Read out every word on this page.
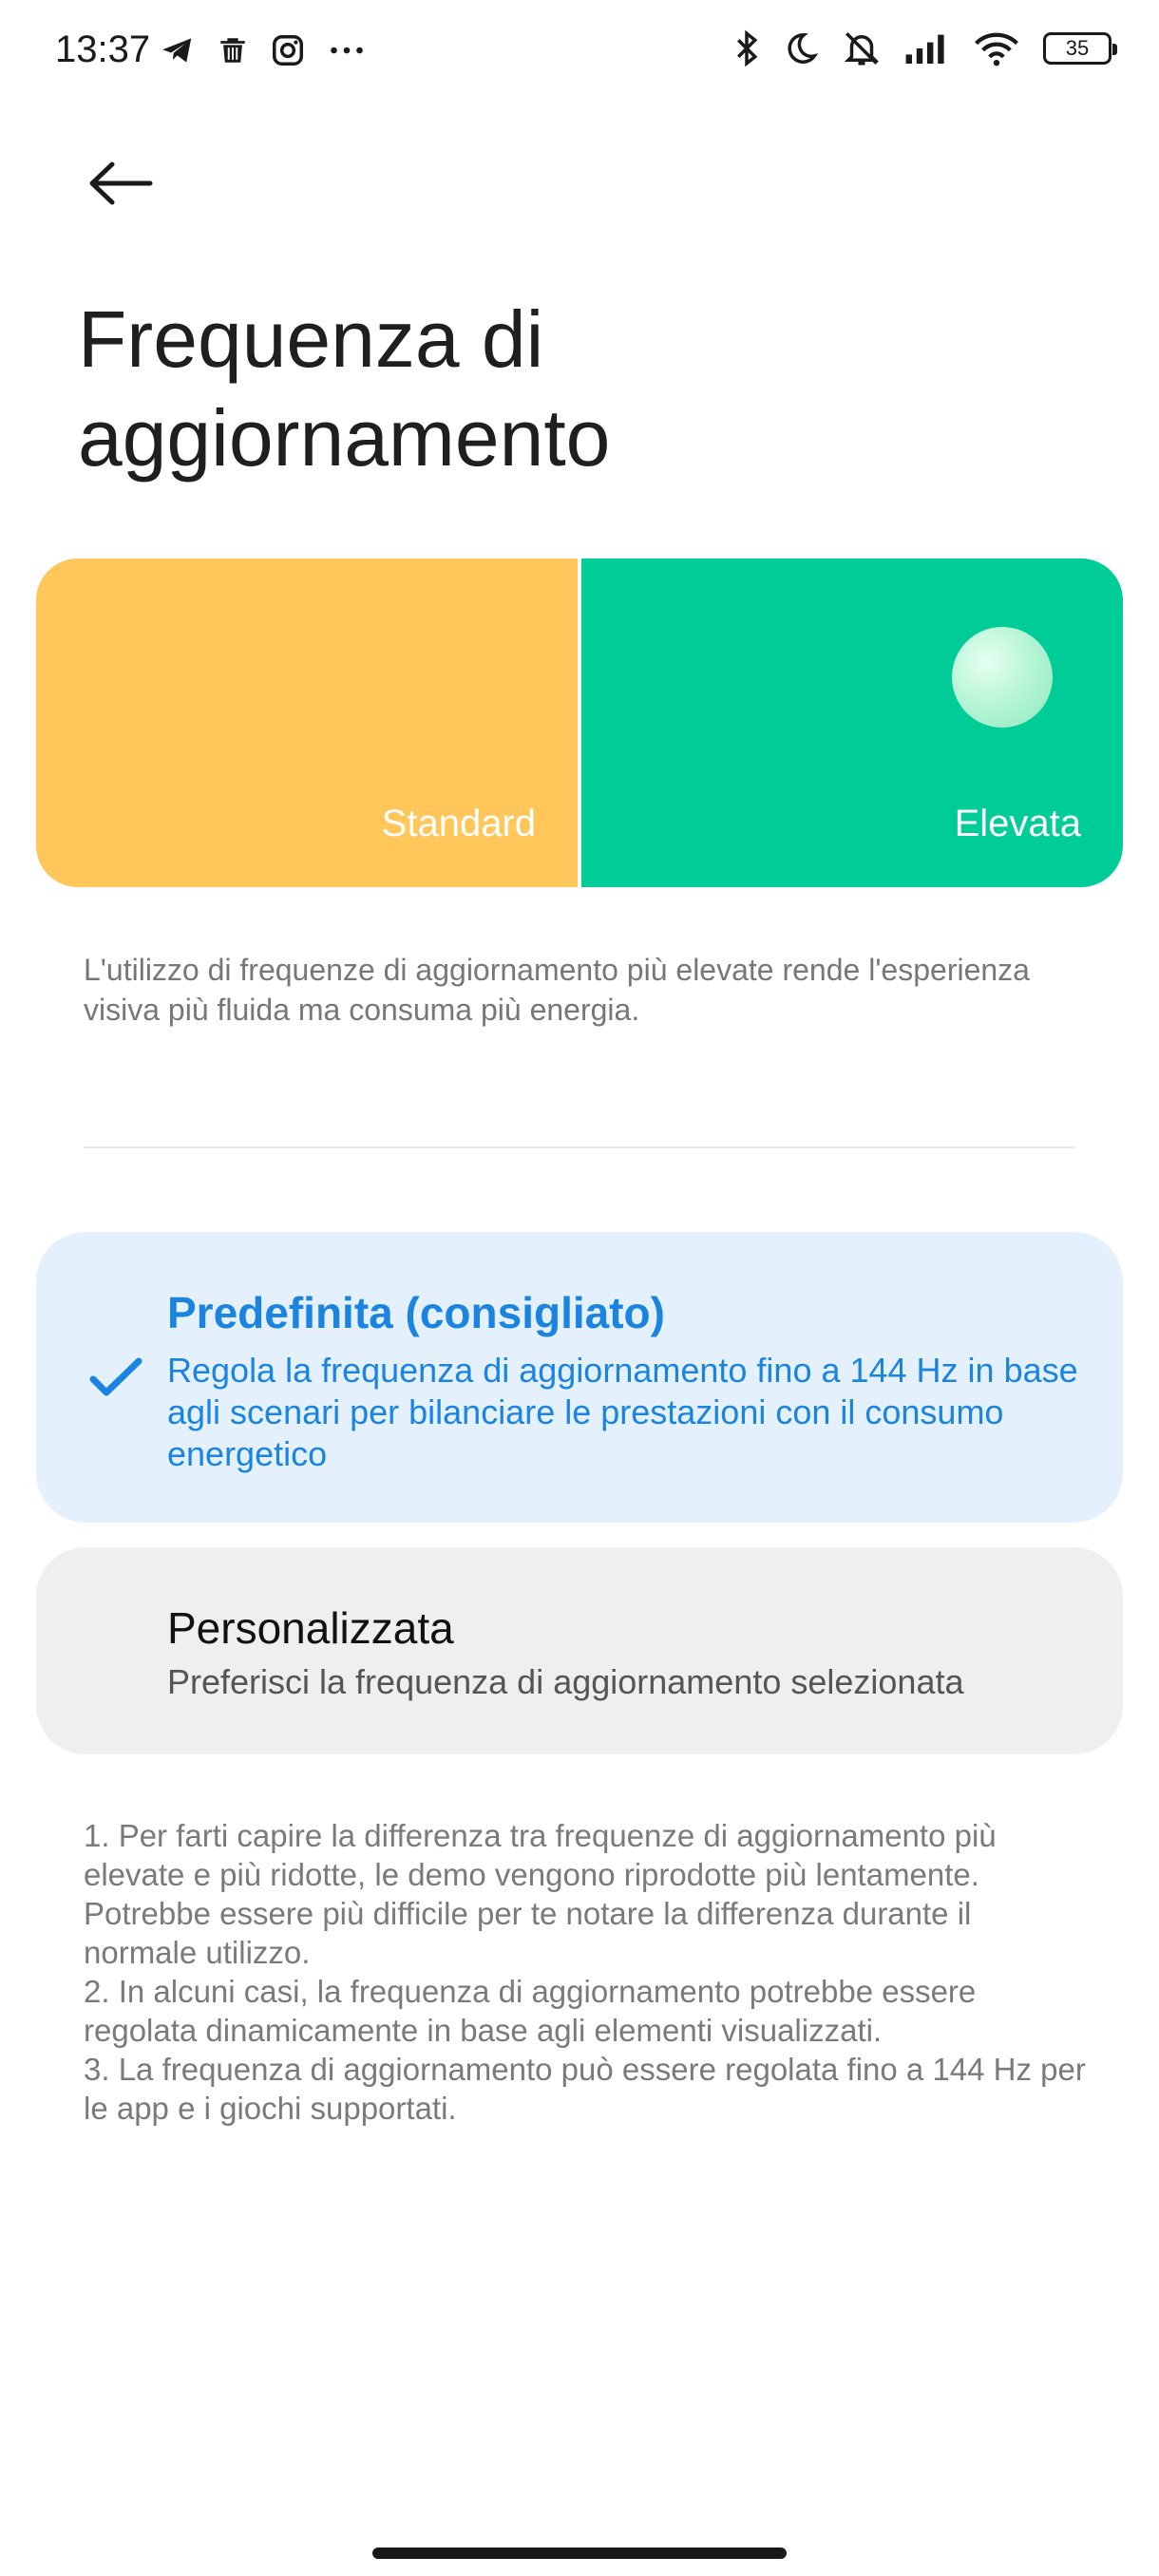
13:37	35
Frequenza di aggiornamento
Standard	Elevata

L'utilizzo di frequenze di aggiornamento più elevate rende l'esperienza visiva più fluida ma consuma più energia.

Predefinita (consigliato)

Regola la frequenza di aggiornamento fino a 144 Hz in base agli scenari per bilanciare le prestazioni con il consumo energetico

Personalizzata

Preferisci la frequenza di aggiornamento selezionata

1. Per farti capire la differenza tra frequenze di aggiornamento più elevate e più ridotte, le demo vengono riprodotte più lentamente. Potrebbe essere più difficile per te notare la differenza durante il normale utilizzo.

2. In alcuni casi, la frequenza di aggiornamento potrebbe essere regolata dinamicamente in base agli elementi visualizzati.

3. La frequenza di aggiornamento può essere regolata fino a 144 Hz per le app e i giochi supportati.
